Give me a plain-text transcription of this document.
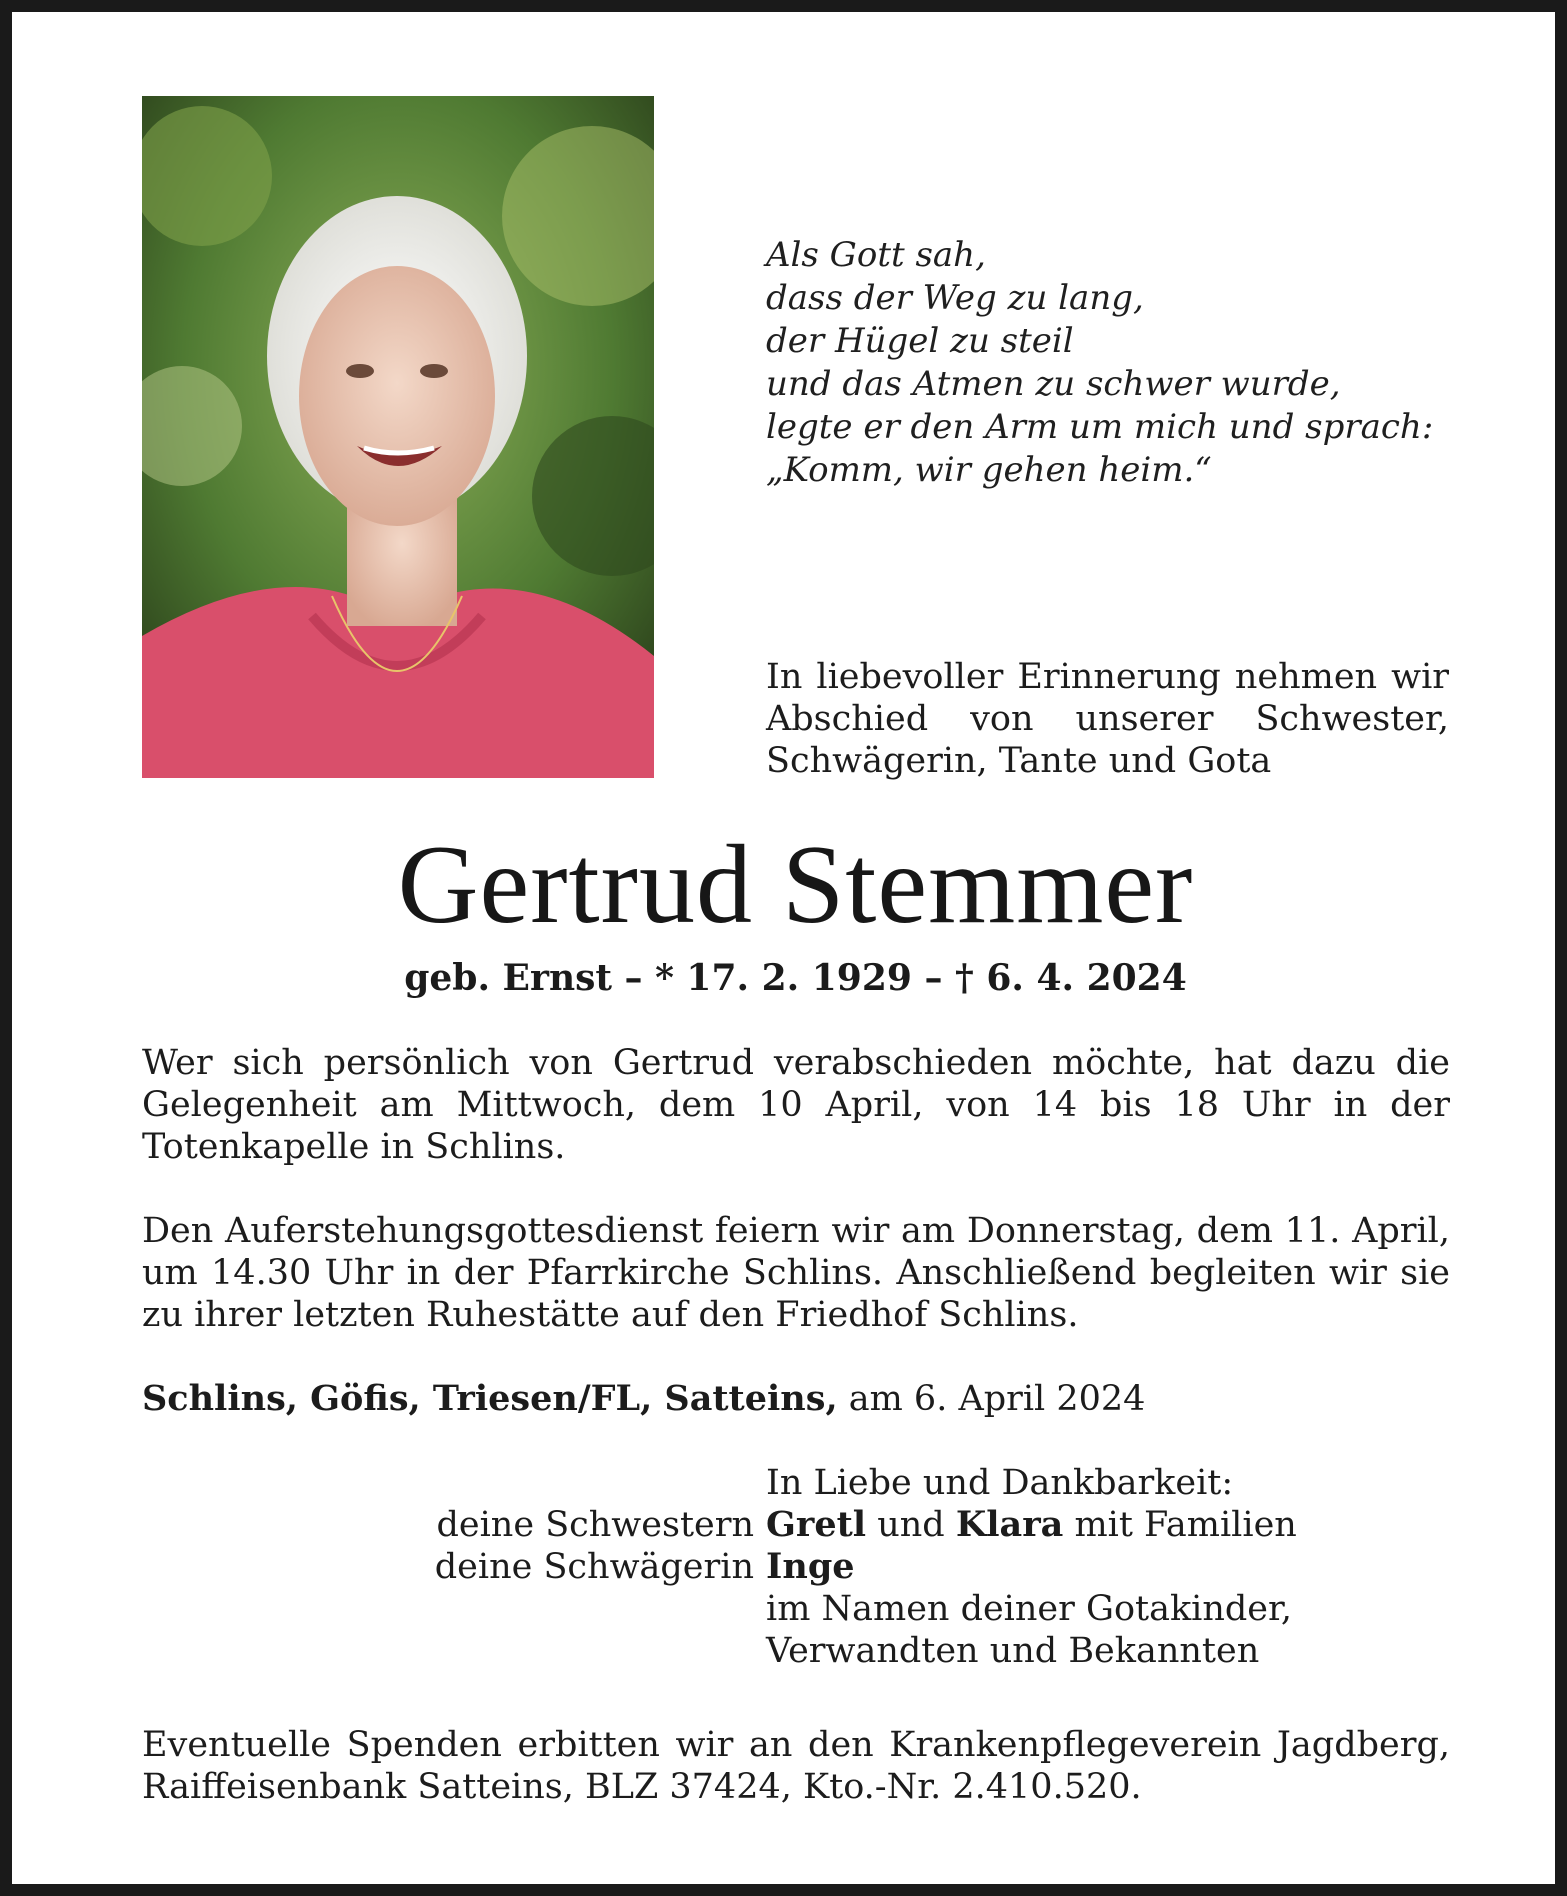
Als Gott sah,
dass der Weg zu lang,
der Hügel zu steil
und das Atmen zu schwer wurde,
legte er den Arm um mich und sprach:
„Komm, wir gehen heim.“
In liebevoller Erinnerung nehmen wir Abschied von unserer Schwester, Schwägerin, Tante und Gota
Gertrud Stemmer
geb. Ernst – * 17. 2. 1929 – † 6. 4. 2024
Wer sich persönlich von Gertrud verabschieden möchte, hat dazu die Gelegenheit am Mittwoch, dem 10 April, von 14 bis 18 Uhr in der Totenkapelle in Schlins.
Den Auferstehungsgottesdienst feiern wir am Donnerstag, dem 11. April, um 14.30 Uhr in der Pfarrkirche Schlins. Anschließend begleiten wir sie zu ihrer letzten Ruhestätte auf den Friedhof Schlins.
Schlins, Göfis, Triesen/FL, Satteins, am 6. April 2024
In Liebe und Dankbarkeit:
deine Schwestern Gretl und Klara mit Familien
deine Schwägerin Inge
im Namen deiner Gotakinder,
Verwandten und Bekannten
Eventuelle Spenden erbitten wir an den Krankenpflegeverein Jagdberg, Raiffeisenbank Satteins, BLZ 37424, Kto.-Nr. 2.410.520.
